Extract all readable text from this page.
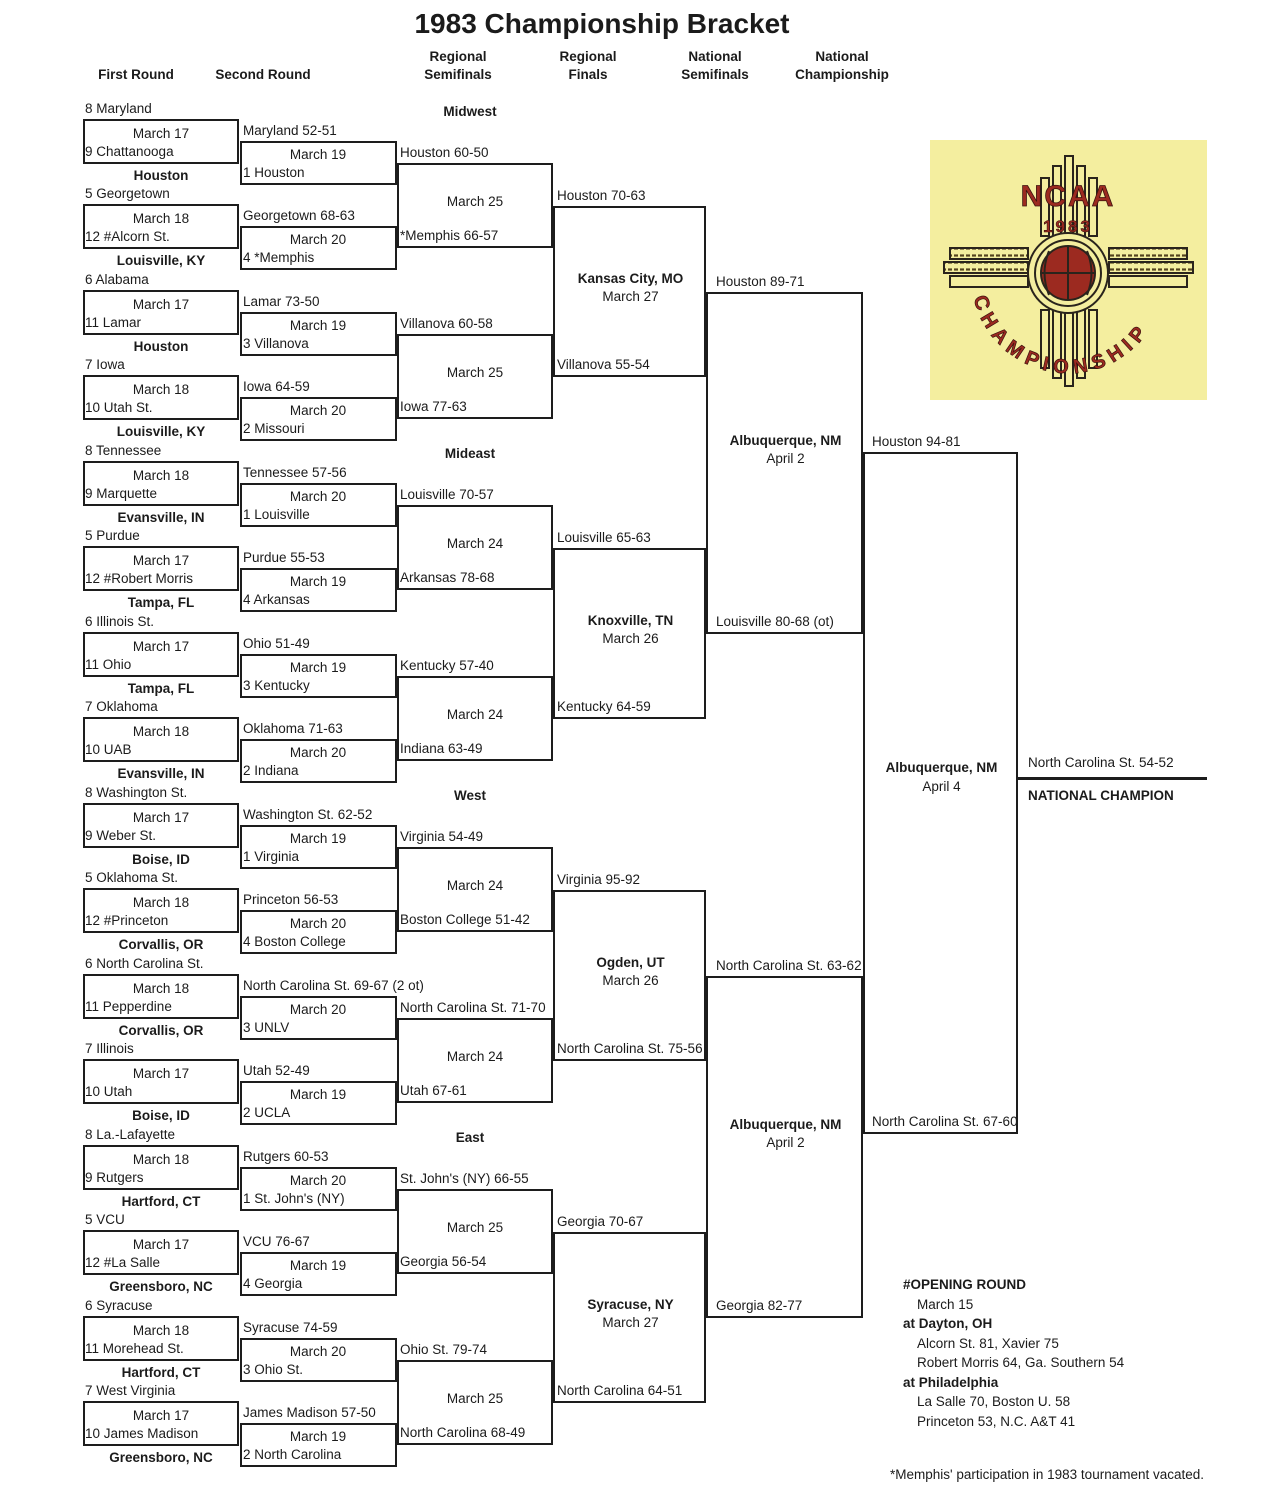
NCAA
1983
CHAMPIONSHIP
1983 Championship Bracket
First Round	Second Round
Regional
Semifinals
Regional
Finals
National
Semifinals
National
Championship
Midwest
8 Maryland
March 17
9 Chattanooga
Houston
Maryland 52-51
March 19
1 Houston
5 Georgetown
March 18
12 #Alcorn St.
Louisville, KY
Georgetown 68-63
March 20
4 *Memphis
6 Alabama
March 17
11 Lamar
Houston
Lamar 73-50
March 19
3 Villanova
7 Iowa
March 18
10 Utah St.
Louisville, KY
Iowa 64-59
March 20
2 Missouri
Houston 60-50
March 25
*Memphis 66-57
Villanova 60-58
March 25
Iowa 77-63
Houston 70-63
Kansas City, MO
March 27
Villanova 55-54
Mideast
8 Tennessee
March 18
9 Marquette
Evansville, IN
Tennessee 57-56
March 20
1 Louisville
5 Purdue
March 17
12 #Robert Morris
Tampa, FL
Purdue 55-53
March 19
4 Arkansas
6 Illinois St.
March 17
11 Ohio
Tampa, FL
Ohio 51-49
March 19
3 Kentucky
7 Oklahoma
March 18
10 UAB
Evansville, IN
Oklahoma 71-63
March 20
2 Indiana
Louisville 70-57
March 24
Arkansas 78-68
Kentucky 57-40
March 24
Indiana 63-49
Louisville 65-63
Knoxville, TN
March 26
Kentucky 64-59
West
8 Washington St.
March 17
9 Weber St.
Boise, ID
Washington St. 62-52
March 19
1 Virginia
5 Oklahoma St.
March 18
12 #Princeton
Corvallis, OR
Princeton 56-53
March 20
4 Boston College
6 North Carolina St.
March 18
11 Pepperdine
Corvallis, OR
North Carolina St. 69-67 (2 ot)
March 20
3 UNLV
7 Illinois
March 17
10 Utah
Boise, ID
Utah 52-49
March 19
2 UCLA
Virginia 54-49
March 24
Boston College 51-42
North Carolina St. 71-70
March 24
Utah 67-61
Virginia 95-92
Ogden, UT
March 26
North Carolina St. 75-56
East
8 La.-Lafayette
March 18
9 Rutgers
Hartford, CT
Rutgers 60-53
March 20
1 St. John's (NY)
5 VCU
March 17
12 #La Salle
Greensboro, NC
VCU 76-67
March 19
4 Georgia
6 Syracuse
March 18
11 Morehead St.
Hartford, CT
Syracuse 74-59
March 20
3 Ohio St.
7 West Virginia
March 17
10 James Madison
Greensboro, NC
James Madison 57-50
March 19
2 North Carolina
St. John's (NY) 66-55
March 25
Georgia 56-54
Ohio St. 79-74
March 25
North Carolina 68-49
Georgia 70-67
Syracuse, NY
March 27
North Carolina 64-51
Houston 89-71
Albuquerque, NM
April 2
Louisville 80-68 (ot)
North Carolina St. 63-62
Albuquerque, NM
April 2
Georgia 82-77
Houston 94-81
Albuquerque, NM
April 4
North Carolina St. 67-60
North Carolina St. 54-52
NATIONAL CHAMPION
#OPENING ROUND
March 15
at Dayton, OH
Alcorn St. 81, Xavier 75
Robert Morris 64, Ga. Southern 54
at Philadelphia
La Salle 70, Boston U. 58
Princeton 53, N.C. A&T 41
*Memphis' participation in 1983 tournament vacated.
